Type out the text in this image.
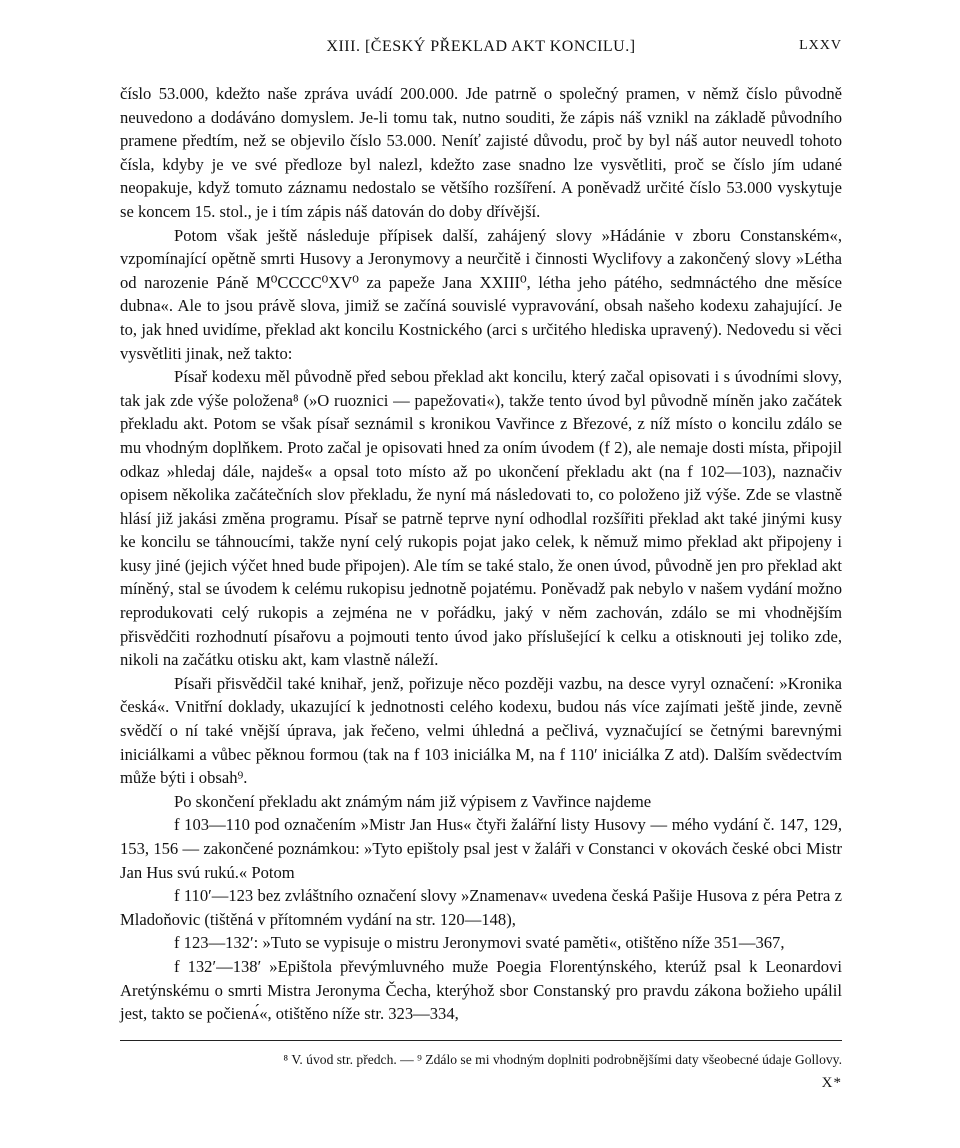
XIII. [ČESKÝ PŘEKLAD AKT KONCILU.]	LXXV

číslo 53.000, kdežto naše zpráva uvádí 200.000. Jde patrně o společný pramen, v němž číslo původně neuvedono a dodáváno domyslem. Je-li tomu tak, nutno souditi, že zápis náš vznikl na základě původního pramene předtím, než se objevilo číslo 53.000. Neníť zajisté důvodu, proč by byl náš autor neuvedl tohoto čísla, kdyby je ve své předloze byl nalezl, kdežto zase snadno lze vysvětliti, proč se číslo jím udané neopakuje, když tomuto záznamu nedostalo se většího rozšíření. A poněvadž určité číslo 53.000 vyskytuje se koncem 15. stol., je i tím zápis náš datován do doby dřívější.

Potom však ještě následuje přípisek další, zahájený slovy »Hádánie v zboru Constanském«, vzpomínající opětně smrti Husovy a Jeronymovy a neurčitě i činnosti Wyclifovy a zakončený slovy »Létha od narozenie Páně M⁰CCCC⁰XV⁰ za papeže Jana XXIII⁰, létha jeho pátého, sedmnáctého dne měsíce dubna«. Ale to jsou právě slova, jimiž se začíná souvislé vypravování, obsah našeho kodexu zahajující. Je to, jak hned uvidíme, překlad akt koncilu Kostnického (arci s určitého hlediska upravený). Nedovedu si věci vysvětliti jinak, než takto:

Písař kodexu měl původně před sebou překlad akt koncilu, který začal opisovati i s úvodními slovy, tak jak zde výše položena⁸ (»O ruoznici — papežovati«), takže tento úvod byl původně míněn jako začátek překladu akt. Potom se však písař seznámil s kronikou Vavřince z Březové, z níž místo o koncilu zdálo se mu vhodným doplňkem. Proto začal je opisovati hned za oním úvodem (f 2), ale nemaje dosti místa, připojil odkaz »hledaj dále, najdeš« a opsal toto místo až po ukončení překladu akt (na f 102—103), naznačiv opisem několika začátečních slov překladu, že nyní má následovati to, co položeno již výše. Zde se vlastně hlásí již jakási změna programu. Písař se patrně teprve nyní odhodlal rozšířiti překlad akt také jinými kusy ke koncilu se táhnoucími, takže nyní celý rukopis pojat jako celek, k němuž mimo překlad akt připojeny i kusy jiné (jejich výčet hned bude připojen). Ale tím se také stalo, že onen úvod, původně jen pro překlad akt míněný, stal se úvodem k celému rukopisu jednotně pojatému. Poněvadž pak nebylo v našem vydání možno reprodukovati celý rukopis a zejména ne v pořádku, jaký v něm zachován, zdálo se mi vhodnějším přisvědčiti rozhodnutí písařovu a pojmouti tento úvod jako příslušející k celku a otisknouti jej toliko zde, nikoli na začátku otisku akt, kam vlastně náleží.

Písaři přisvědčil také knihař, jenž, pořizuje něco později vazbu, na desce vyryl označení: »Kronika česká«. Vnitřní doklady, ukazující k jednotnosti celého kodexu, budou nás více zajímati ještě jinde, zevně svědčí o ní také vnější úprava, jak řečeno, velmi úhledná a pečlivá, vyznačující se četnými barevnými iniciálkami a vůbec pěknou formou (tak na f 103 iniciálka M, na f 110′ iniciálka Z atd). Dalším svědectvím může býti i obsah⁹.

Po skončení překladu akt známým nám již výpisem z Vavřince najdeme

f 103—110 pod označením »Mistr Jan Hus« čtyři žalářní listy Husovy — mého vydání č. 147, 129, 153, 156 — zakončené poznámkou: »Tyto epištoly psal jest v žaláři v Constanci v okovách české obci Mistr Jan Hus svú rukú.« Potom

f 110′—123 bez zvláštního označení slovy »Znamenav« uvedena česká Pašije Husova z péra Petra z Mladoňovic (tištěná v přítomném vydání na str. 120—148),

f 123—132′: »Tuto se vypisuje o mistru Jeronymovi svaté paměti«, otištěno níže 351—367,

f 132′—138′ »Epištola převýmluvného muže Poegia Florentýnského, kterúž psal k Leonardovi Aretýnskému o smrti Mistra Jeronyma Čecha, kterýhož sbor Constanský pro pravdu zákona božieho upálil jest, takto se počienᴀ́«, otištěno níže str. 323—334,

⁸ V. úvod str. předch. — ⁹ Zdálo se mi vhodným doplniti podrobnějšími daty všeobecné údaje Gollovy.
X*
